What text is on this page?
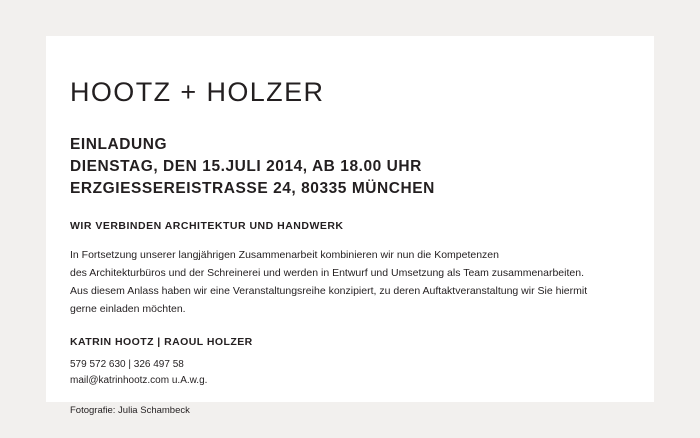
HOOTZ + HOLZER

EINLADUNG

DIENSTAG, DEN 15.JULI 2014, AB 18.00 UHR

ERZGIESSEREISTRASSE 24, 80335 MÜNCHEN

WIR VERBINDEN ARCHITEKTUR UND HANDWERK

In Fortsetzung unserer langjährigen Zusammenarbeit kombinieren wir nun die Kompetenzen
des Architekturbüros und der Schreinerei und werden in Entwurf und Umsetzung als Team zusammenarbeiten.
Aus diesem Anlass haben wir eine Veranstaltungsreihe konzipiert, zu deren Auftaktveranstaltung wir Sie hiermit
gerne einladen möchten.

KATRIN HOOTZ | RAOUL HOLZER

579 572 630 | 326 497 58
mail@katrinhootz.com u.A.w.g.

Fotografie: Julia Schambeck
